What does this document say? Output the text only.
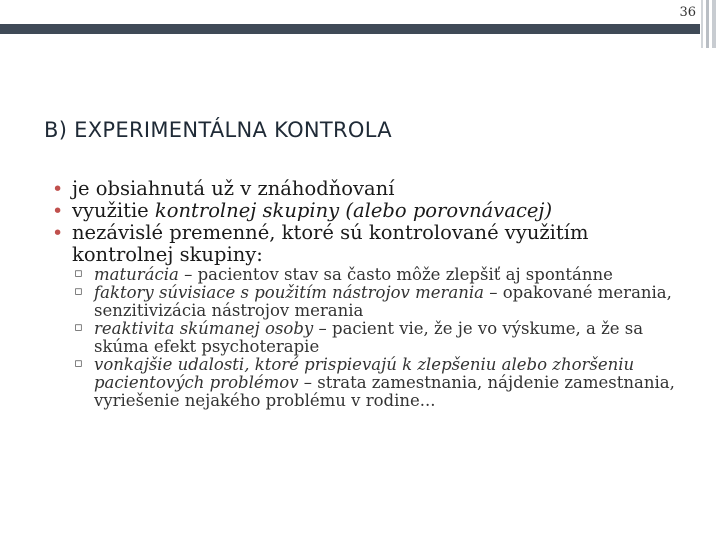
36
B) EXPERIMENTÁLNA KONTROLA
• je obsiahnutá už v znáhodňovaní
• využitie kontrolnej skupiny (alebo porovnávacej)
• nezávislé premenné, ktoré sú kontrolované využitím kontrolnej skupiny:
▫ maturácia – pacientov stav sa často môže zlepšiť aj spontánne
▫ faktory súvisiace s použitím nástrojov merania – opakované merania, senzitivizácia nástrojov merania
▫ reaktivita skúmanej osoby – pacient vie, že je vo výskume, a že sa skúma efekt psychoterapie
▫ vonkajšie udalosti, ktoré prispievajú k zlepšeniu alebo zhoršeniu pacientových problémov – strata zamestnania, nájdenie zamestnania, vyriešenie nejakého problému v rodine...
